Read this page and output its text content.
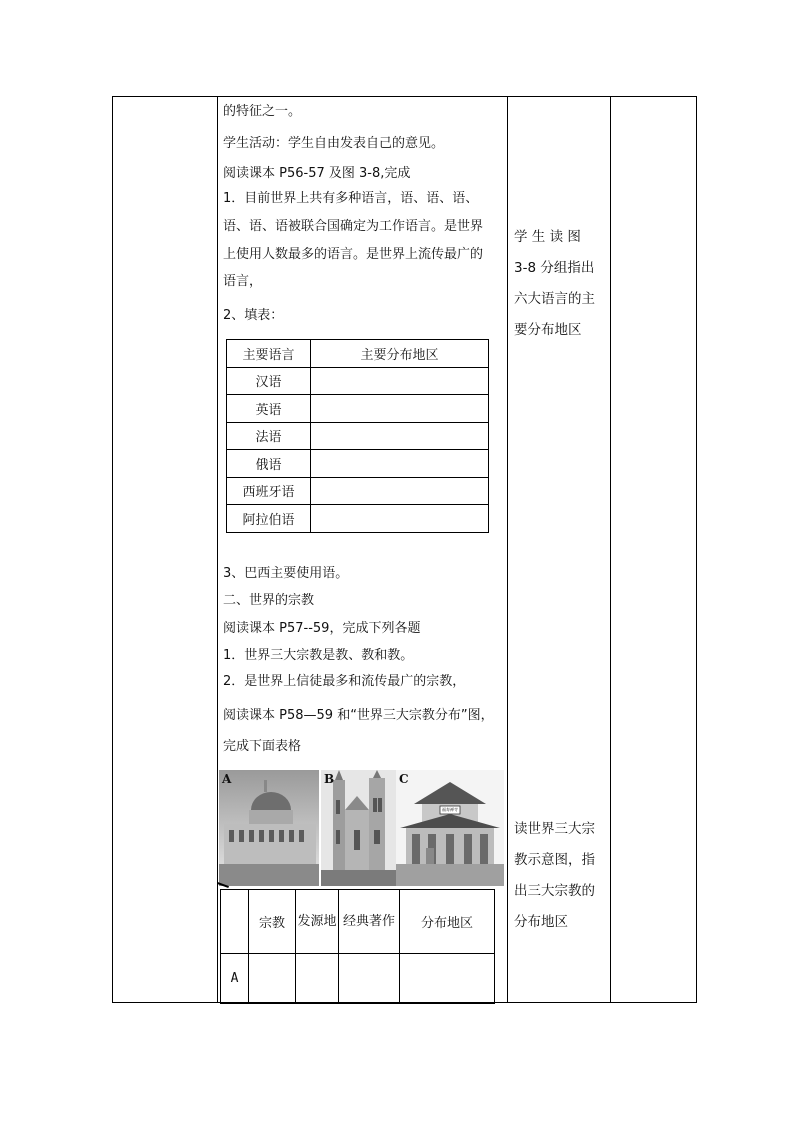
的特征之一。
学生活动：学生自由发表自己的意见。
阅读课本 P56-57 及图 3-8,完成
1．目前世界上共有多种语言，语、语、语、
语、语、语被联合国确定为工作语言。是世界
上使用人数最多的语言。是世界上流传最广的
语言，
2、填表：
主要语言	主要分布地区
汉语	
英语	
法语	
俄语	
西班牙语	
阿拉伯语	
3、巴西主要使用语。
二、世界的宗教
阅读课本 P57--59，完成下列各题
1．世界三大宗教是教、教和教。
2．是世界上信徒最多和流传最广的宗教，
阅读课本 P58—59 和“世界三大宗教分布”图，
完成下面表格
A	B	C
福寿禅寺
	宗教	发源地	经典著作	分布地区
A				
学 生 读 图
3-8 分组指出
六大语言的主
要分布地区
读世界三大宗
教示意图，指
出三大宗教的
分布地区
